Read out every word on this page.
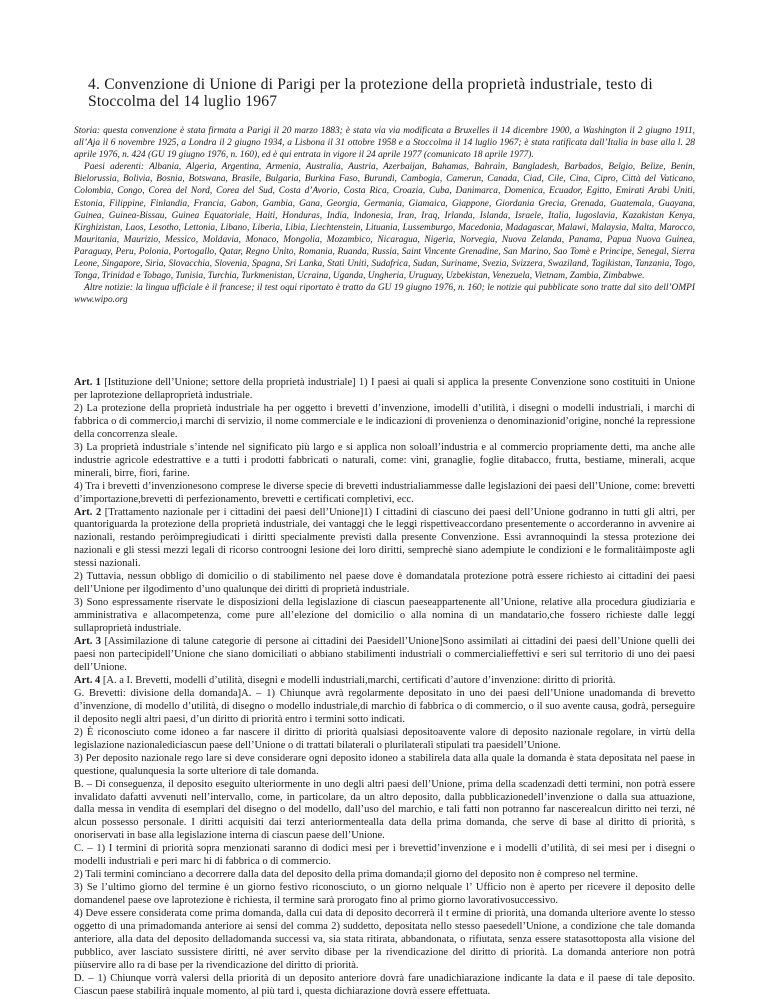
4. Convenzione di Unione di Parigi per la protezione della proprietà industriale, testo di Stoccolma del 14 luglio 1967

Storia: questa convenzione è stata firmata a Parigi il 20 marzo 1883; è stata via via modificata a Bruxelles il 14 dicembre 1900, a Washington il 2 giugno 1911, all’Aja il 6 novembre 1925, a Londra il 2 giugno 1934, a Lisbona il 31 ottobre 1958 e a Stoccolma il 14 luglio 1967; è stata ratificata dall’Italia in base alla l. 28 aprile 1976, n. 424 (GU 19 giugno 1976, n. 160), ed è qui entrata in vigore il 24 aprile 1977 (comunicato 18 aprile 1977).

Paesi aderenti: Albania, Algeria, Argentina, Armenia, Australia, Austria, Azerbaijan, Bahamas, Bahrain, Bangladesh, Barbados, Belgio, Belize, Benin, Bielorussia, Bolivia, Bosnia, Botswana, Brasile, Bulgaria, Burkina Faso, Burundi, Cambogia, Camerun, Canada, Ciad, Cile, Cina, Cipro, Città del Vaticano, Colombia, Congo, Corea del Nord, Corea del Sud, Costa d’Avorio, Costa Rica, Croazia, Cuba, Danimarca, Domenica, Ecuador, Egitto, Emirati Arabi Uniti, Estonia, Filippine, Finlandia, Francia, Gabon, Gambia, Gana, Georgia, Germania, Giamaica, Giappone, Giordania Grecia, Grenada, Guatemala, Guayana, Guinea, Guinea-Bissau, Guinea Equatoriale, Haiti, Honduras, India, Indonesia, Iran, Iraq, Irlanda, Islanda, Israele, Italia, Iugoslavia, Kazakistan Kenya, Kirghizistan, Laos, Lesotho, Lettonia, Libano, Liberia, Libia, Liechtenstein, Lituania, Lussemburgo, Macedonia, Madagascar, Malawi, Malaysia, Malta, Marocco, Mauritania, Maurizio, Messico, Moldavia, Monaco, Mongolia, Mozambico, Nicaragua, Nigeria, Norvegia, Nuova Zelanda, Panama, Papua Nuova Guinea, Paraguay, Peru, Polonia, Portogallo, Qatar, Regno Unito, Romania, Ruanda, Russia, Saint Vincente Grenadine, San Marino, Sao Tomè e Principe, Senegal, Sierra Leone, Singapore, Siria, Slovacchia, Slovenia, Spagna, Sri Lanka, Stati Uniti, Sudafrica, Sudan, Suriname, Svezia, Svizzera, Swaziland, Tagikistan, Tanzania, Togo, Tonga, Trinidad e Tobago, Tunisia, Turchia, Turkmenistan, Ucraina, Uganda, Ungheria, Uruguay, Uzbekistan, Venezuela, Vietnam, Zambia, Zimbabwe.

Altre notizie: la lingua ufficiale è il francese; il test oqui riportato è tratto da GU 19 giugno 1976, n. 160; le notizie qui pubblicate sono tratte dal sito dell’OMPI www.wipo.org

Art. 1 [Istituzione dell’Unione; settore della proprietà industriale] 1) I paesi ai quali si applica la presente Convenzione sono costituiti in Unione per laprotezione dellaproprietà industriale.

2) La protezione della proprietà industriale ha per oggetto i brevetti d’invenzione, imodelli d’utilità, i disegni o modelli industriali, i marchi di fabbrica o di commercio,i marchi di servizio, il nome commerciale e le indicazioni di provenienza o denominazionid’origine, nonché la repressione della concorrenza sleale.

3) La proprietà industriale s’intende nel significato più largo e si applica non soloall’industria e al commercio propriamente detti, ma anche alle industrie agricole edestrattive e a tutti i prodotti fabbricati o naturali, come: vini, granaglie, foglie ditabacco, frutta, bestiame, minerali, acque minerali, birre, fiori, farine.

4) Tra i brevetti d’invenzionesono comprese le diverse specie di brevetti industrialiammesse dalle legislazioni dei paesi dell’Unione, come: brevetti d’importazione,brevetti di perfezionamento, brevetti e certificati completivi, ecc.

Art. 2 [Trattamento nazionale per i cittadini dei paesi dell’Unione]1) I cittadini di ciascuno dei paesi dell’Unione godranno in tutti gli altri, per quantoriguarda la protezione della proprietà industriale, dei vantaggi che le leggi rispettiveaccordano presentemente o accorderanno in avvenire ai nazionali, restando peròimpregiudicati i diritti specialmente previsti dalla presente Convenzione. Essi avrannoquindi la stessa protezione dei nazionali e gli stessi mezzi legali di ricorso controogni lesione dei loro diritti, semprechè siano adempiute le condizioni e le formalitàimposte agli stessi nazionali.

2) Tuttavia, nessun obbligo di domicilio o di stabilimento nel paese dove è domandatala protezione potrà essere richiesto ai cittadini dei paesi dell’Unione per ilgodimento d’uno qualunque dei diritti di proprietà industriale.

3) Sono espressamente riservate le disposizioni della legislazione di ciascun paeseappartenente all’Unione, relative alla procedura giudiziaria e amministrativa e allacompetenza, come pure all’elezione del domicilio o alla nomina di un mandatario,che fossero richieste dalle leggi sullaproprietà industriale.

Art. 3 [Assimilazione di talune categorie di persone ai cittadini dei Paesidell’Unione]Sono assimilati ai cittadini dei paesi dell’Unione quelli dei paesi non partecipidell’Unione che siano domiciliati o abbiano stabilimenti industriali o commercialieffettivi e seri sul territorio di uno dei paesi dell’Unione.

Art. 4 [A. a I. Brevetti, modelli d’utilità, disegni e modelli industriali,marchi, certificati d’autore d’invenzione: diritto di priorità.

G. Brevetti: divisione della domanda]A. – 1) Chiunque avrà regolarmente depositato in uno dei paesi dell’Unione unadomanda di brevetto d’invenzione, di modello d’utilità, di disegno o modello industriale,di marchio di fabbrica o di commercio, o il suo avente causa, godrà, perseguire il deposito negli altri paesi, d’un diritto di priorità entro i termini sotto indicati.

2) È riconosciuto come idoneo a far nascere il diritto di priorità qualsiasi depositoavente valore di deposito nazionale regolare, in virtù della legislazione nazionalediciascun paese dell’Unione o di trattati bilaterali o plurilaterali stipulati tra paesidell’Unione.

3) Per deposito nazionale rego lare si deve considerare ogni deposito idoneo a stabilirela data alla quale la domanda è stata depositata nel paese in questione, qualunquesia la sorte ulteriore di tale domanda.

B. – Di conseguenza, il deposito eseguito ulteriormente in uno degli altri paesi dell’Unione, prima della scadenzadi detti termini, non potrà essere invalidato dafatti avvenuti nell’intervallo, come, in particolare, da un altro deposito, dalla pubblicazionedell’invenzione o dalla sua attuazione, dalla messa in vendita di esemplari del disegno o del modello, dall’uso del marchio, e tali fatti non potranno far nascerealcun diritto nei terzi, né alcun possesso personale. I diritti acquisiti dai terzi anteriormentealla data della prima domanda, che serve di base al diritto di priorità, s onoriservati in base alla legislazione interna di ciascun paese dell’Unione.

C. – 1) I termini di priorità sopra menzionati saranno di dodici mesi per i brevettid’invenzione e i modelli d’utilità, di sei mesi per i disegni o modelli industriali e peri marc hi di fabbrica o di commercio.

2) Tali termini cominciano a decorrere dalla data del deposito della prima domanda;il giorno del deposito non è compreso nel termine.

3) Se l’ultimo giorno del termine è un giorno festivo riconosciuto, o un giorno nelquale l’ Ufficio non è aperto per ricevere il deposito delle domandenel paese ove laprotezione è richiesta, il termine sarà prorogato fino al primo giorno lavorativosuccessivo.

4) Deve essere considerata come prima domanda, dalla cui data di deposito decorrerà il t ermine di priorità, una domanda ulteriore avente lo stesso oggetto di una primadomanda anteriore ai sensi del comma 2) suddetto, depositata nello stesso paesedell’Unione, a condizione che tale domanda anteriore, alla data del deposito delladomanda successi va, sia stata ritirata, abbandonata, o rifiutata, senza essere statasottoposta alla visione del pubblico, aver lasciato sussistere diritti, né aver servito dibase per la rivendicazione del diritto di priorità. La domanda anteriore non potrà piùservire allo ra di base per la rivendicazione del diritto di priorità.

D. – 1) Chiunque vorrà valersi della priorità di un deposito anteriore dovrà fare unadichiarazione indicante la data e il paese di tale deposito. Ciascun paese stabilirà inquale momento, al più tard i, questa dichiarazione dovrà essere effettuata.
